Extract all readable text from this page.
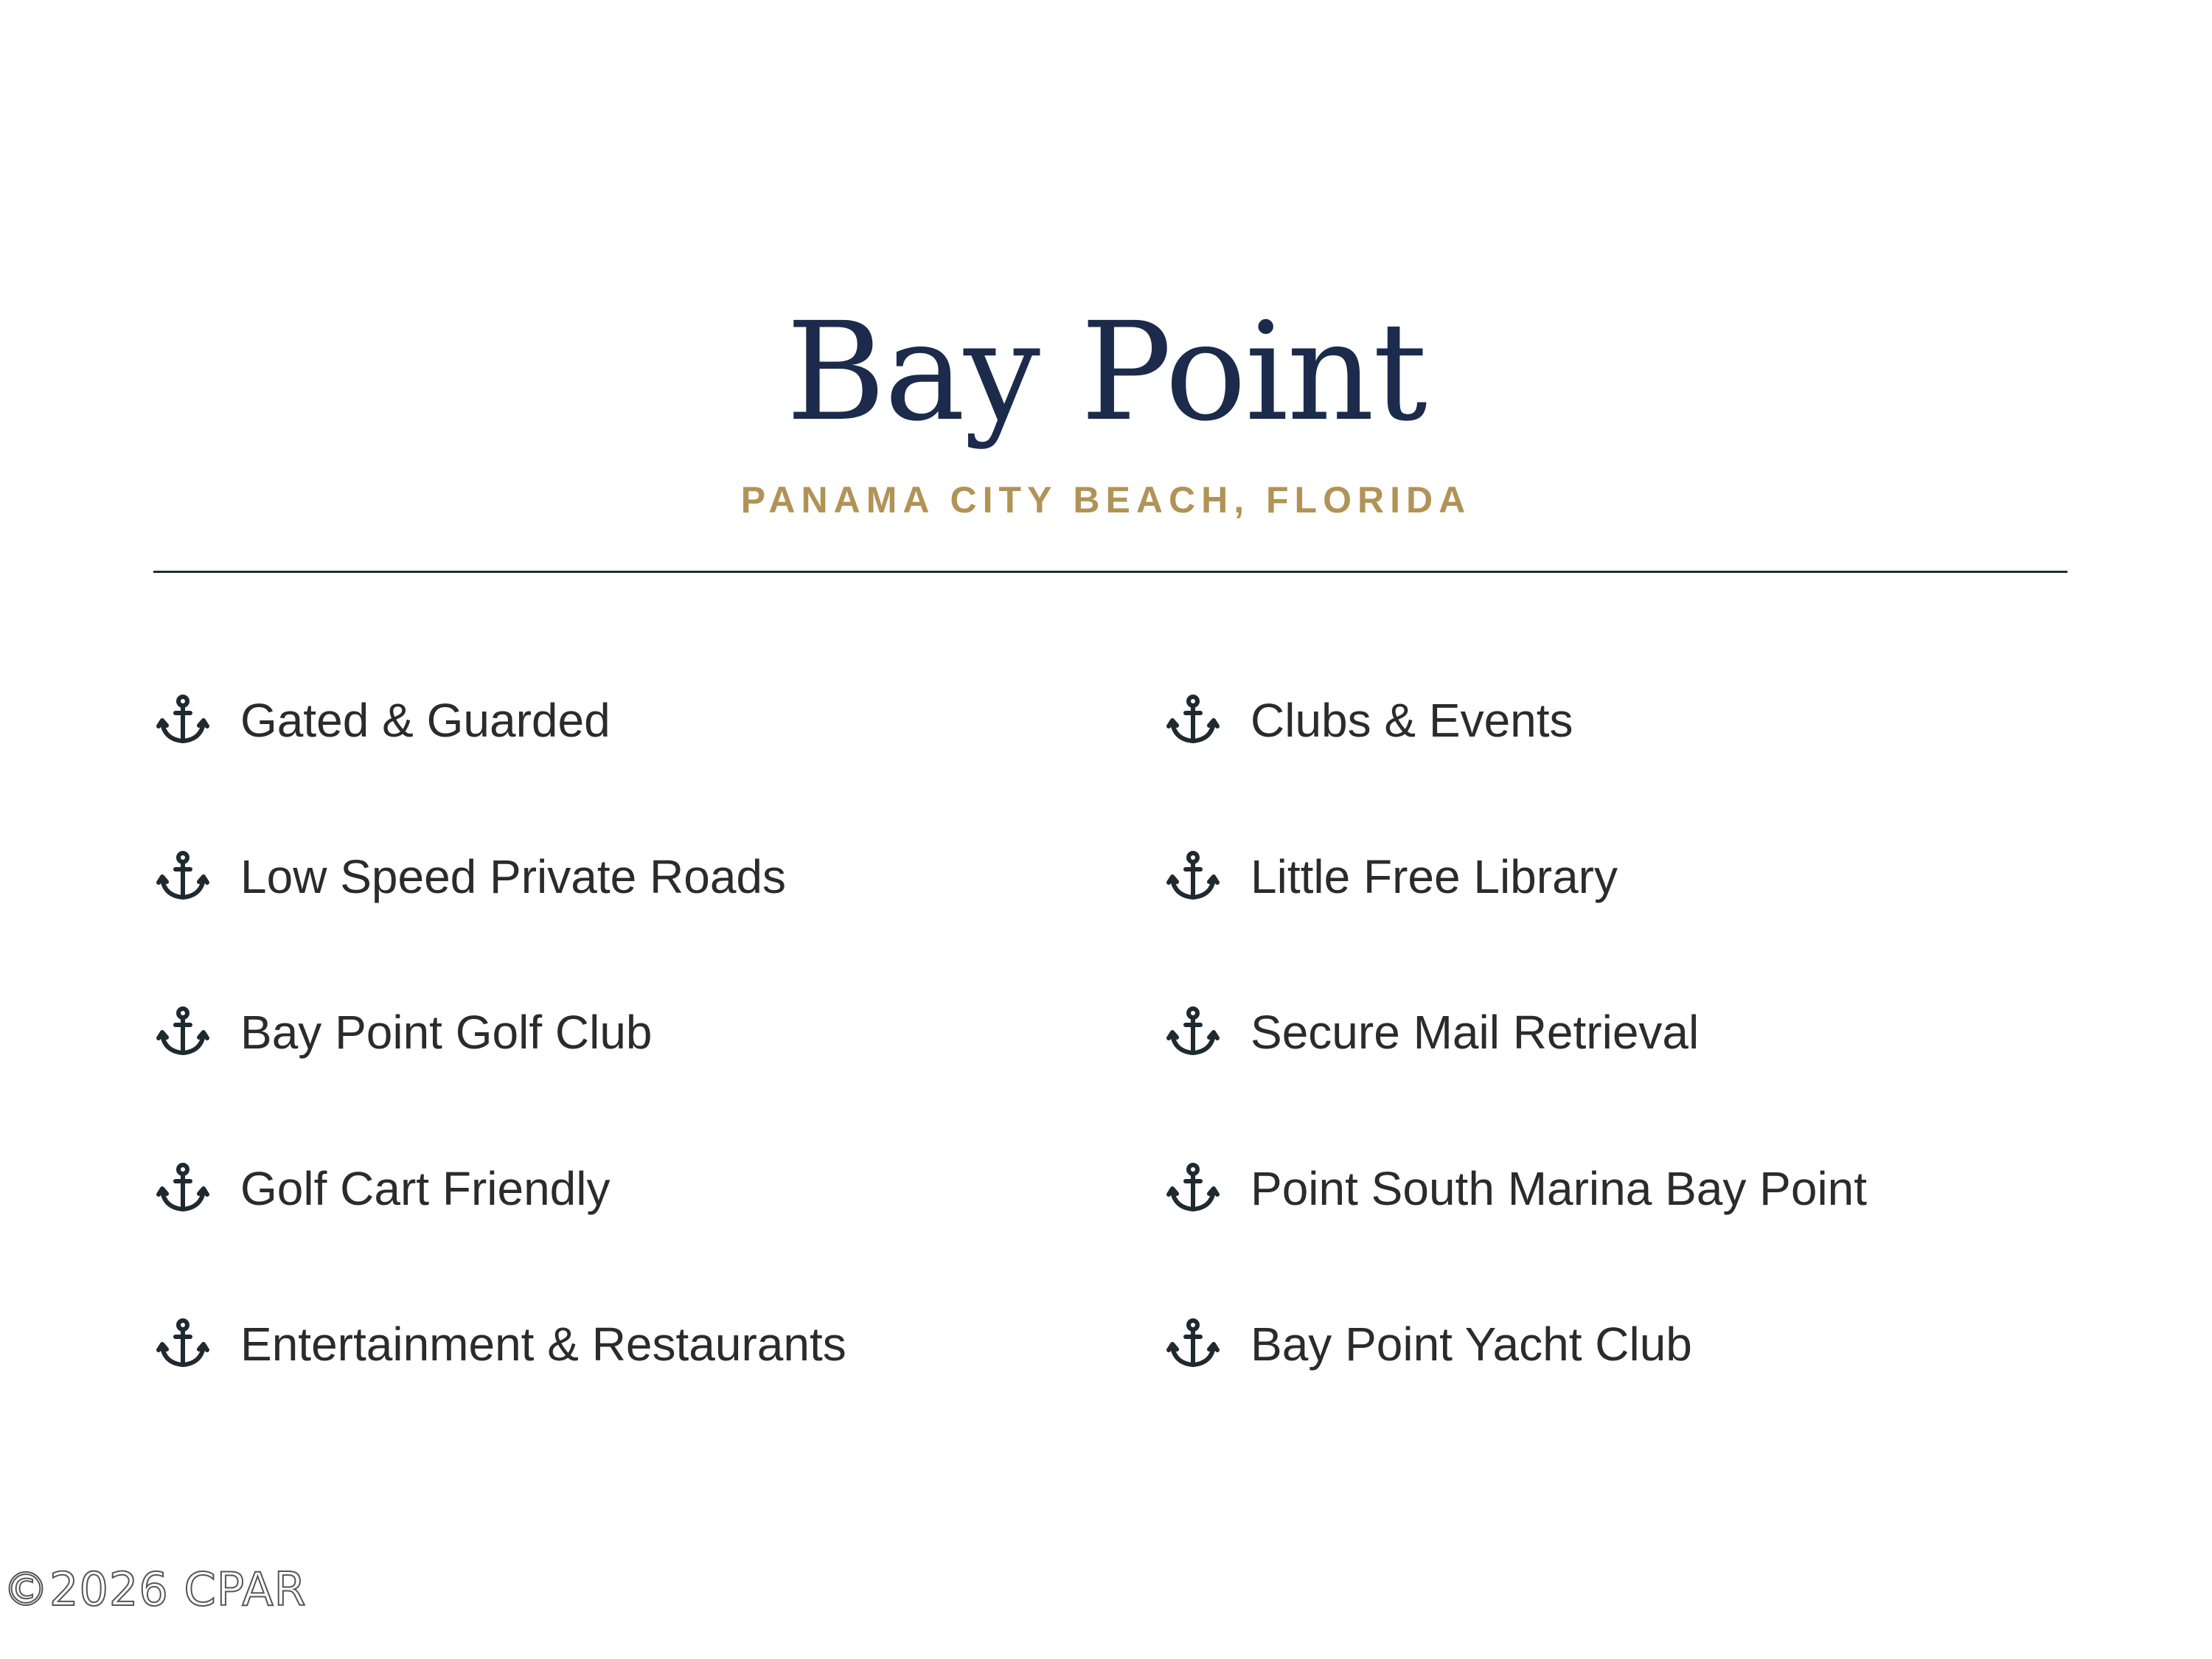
Bay Point
PANAMA CITY BEACH, FLORIDA
Gated & Guarded
Low Speed Private Roads
Bay Point Golf Club
Golf Cart Friendly
Entertainment & Restaurants
Clubs & Events
Little Free Library
Secure Mail Retrieval
Point South Marina Bay Point
Bay Point Yacht Club
©2026 CPAR
